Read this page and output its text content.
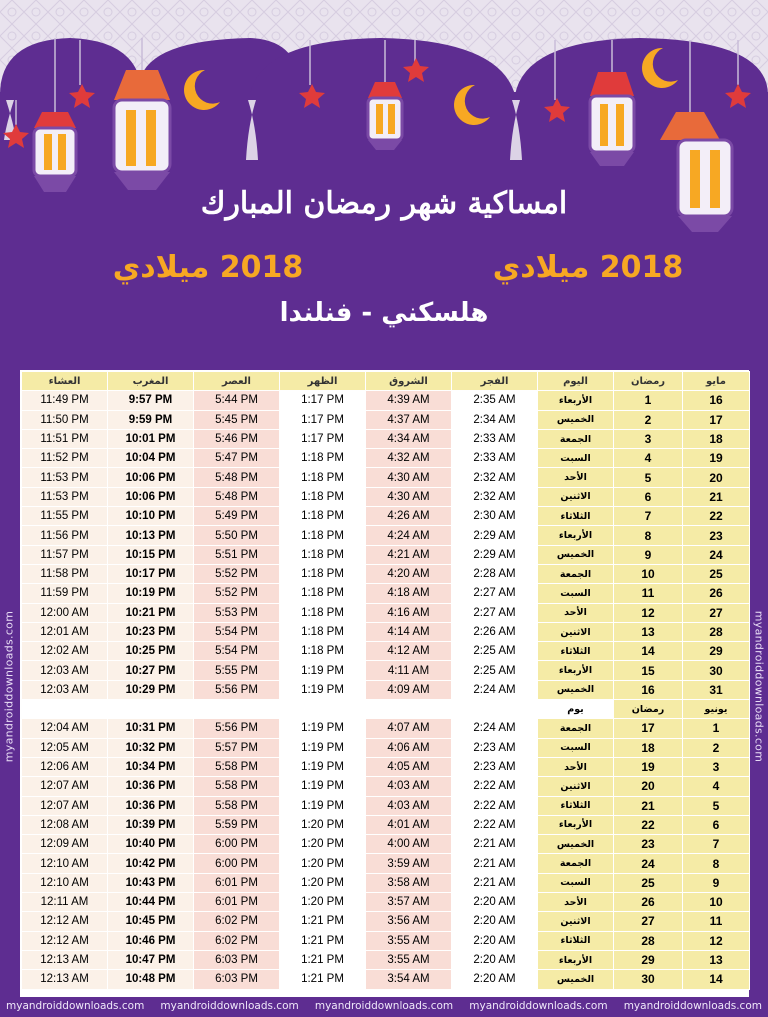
امساكية شهر رمضان المبارك
2018 ميلادي
2018 ميلادي
هلسكني - فنلندا
myandroiddownloads.com	myandroiddownloads.com
العشاء	المغرب	العصر	الظهر	الشروق	الفجر	اليوم	رمضان	مايو
11:49 PM	9:57 PM	5:44 PM	1:17 PM	4:39 AM	2:35 AM	الأربعاء	1	16
11:50 PM	9:59 PM	5:45 PM	1:17 PM	4:37 AM	2:34 AM	الخميس	2	17
11:51 PM	10:01 PM	5:46 PM	1:17 PM	4:34 AM	2:33 AM	الجمعة	3	18
11:52 PM	10:04 PM	5:47 PM	1:18 PM	4:32 AM	2:33 AM	السبت	4	19
11:53 PM	10:06 PM	5:48 PM	1:18 PM	4:30 AM	2:32 AM	الأحد	5	20
11:53 PM	10:06 PM	5:48 PM	1:18 PM	4:30 AM	2:32 AM	الاثنين	6	21
11:55 PM	10:10 PM	5:49 PM	1:18 PM	4:26 AM	2:30 AM	الثلاثاء	7	22
11:56 PM	10:13 PM	5:50 PM	1:18 PM	4:24 AM	2:29 AM	الأربعاء	8	23
11:57 PM	10:15 PM	5:51 PM	1:18 PM	4:21 AM	2:29 AM	الخميس	9	24
11:58 PM	10:17 PM	5:52 PM	1:18 PM	4:20 AM	2:28 AM	الجمعة	10	25
11:59 PM	10:19 PM	5:52 PM	1:18 PM	4:18 AM	2:27 AM	السبت	11	26
12:00 AM	10:21 PM	5:53 PM	1:18 PM	4:16 AM	2:27 AM	الأحد	12	27
12:01 AM	10:23 PM	5:54 PM	1:18 PM	4:14 AM	2:26 AM	الاثنين	13	28
12:02 AM	10:25 PM	5:54 PM	1:18 PM	4:12 AM	2:25 AM	الثلاثاء	14	29
12:03 AM	10:27 PM	5:55 PM	1:19 PM	4:11 AM	2:25 AM	الأربعاء	15	30
12:03 AM	10:29 PM	5:56 PM	1:19 PM	4:09 AM	2:24 AM	الخميس	16	31
						يوم	رمضان	يونيو
12:04 AM	10:31 PM	5:56 PM	1:19 PM	4:07 AM	2:24 AM	الجمعة	17	1
12:05 AM	10:32 PM	5:57 PM	1:19 PM	4:06 AM	2:23 AM	السبت	18	2
12:06 AM	10:34 PM	5:58 PM	1:19 PM	4:05 AM	2:23 AM	الأحد	19	3
12:07 AM	10:36 PM	5:58 PM	1:19 PM	4:03 AM	2:22 AM	الاثنين	20	4
12:07 AM	10:36 PM	5:58 PM	1:19 PM	4:03 AM	2:22 AM	الثلاثاء	21	5
12:08 AM	10:39 PM	5:59 PM	1:20 PM	4:01 AM	2:22 AM	الأربعاء	22	6
12:09 AM	10:40 PM	6:00 PM	1:20 PM	4:00 AM	2:21 AM	الخميس	23	7
12:10 AM	10:42 PM	6:00 PM	1:20 PM	3:59 AM	2:21 AM	الجمعة	24	8
12:10 AM	10:43 PM	6:01 PM	1:20 PM	3:58 AM	2:21 AM	السبت	25	9
12:11 AM	10:44 PM	6:01 PM	1:20 PM	3:57 AM	2:20 AM	الأحد	26	10
12:12 AM	10:45 PM	6:02 PM	1:21 PM	3:56 AM	2:20 AM	الاثنين	27	11
12:12 AM	10:46 PM	6:02 PM	1:21 PM	3:55 AM	2:20 AM	الثلاثاء	28	12
12:13 AM	10:47 PM	6:03 PM	1:21 PM	3:55 AM	2:20 AM	الأربعاء	29	13
12:13 AM	10:48 PM	6:03 PM	1:21 PM	3:54 AM	2:20 AM	الخميس	30	14
myandroiddownloads.com myandroiddownloads.com myandroiddownloads.com myandroiddownloads.com myandroiddownloads.com
